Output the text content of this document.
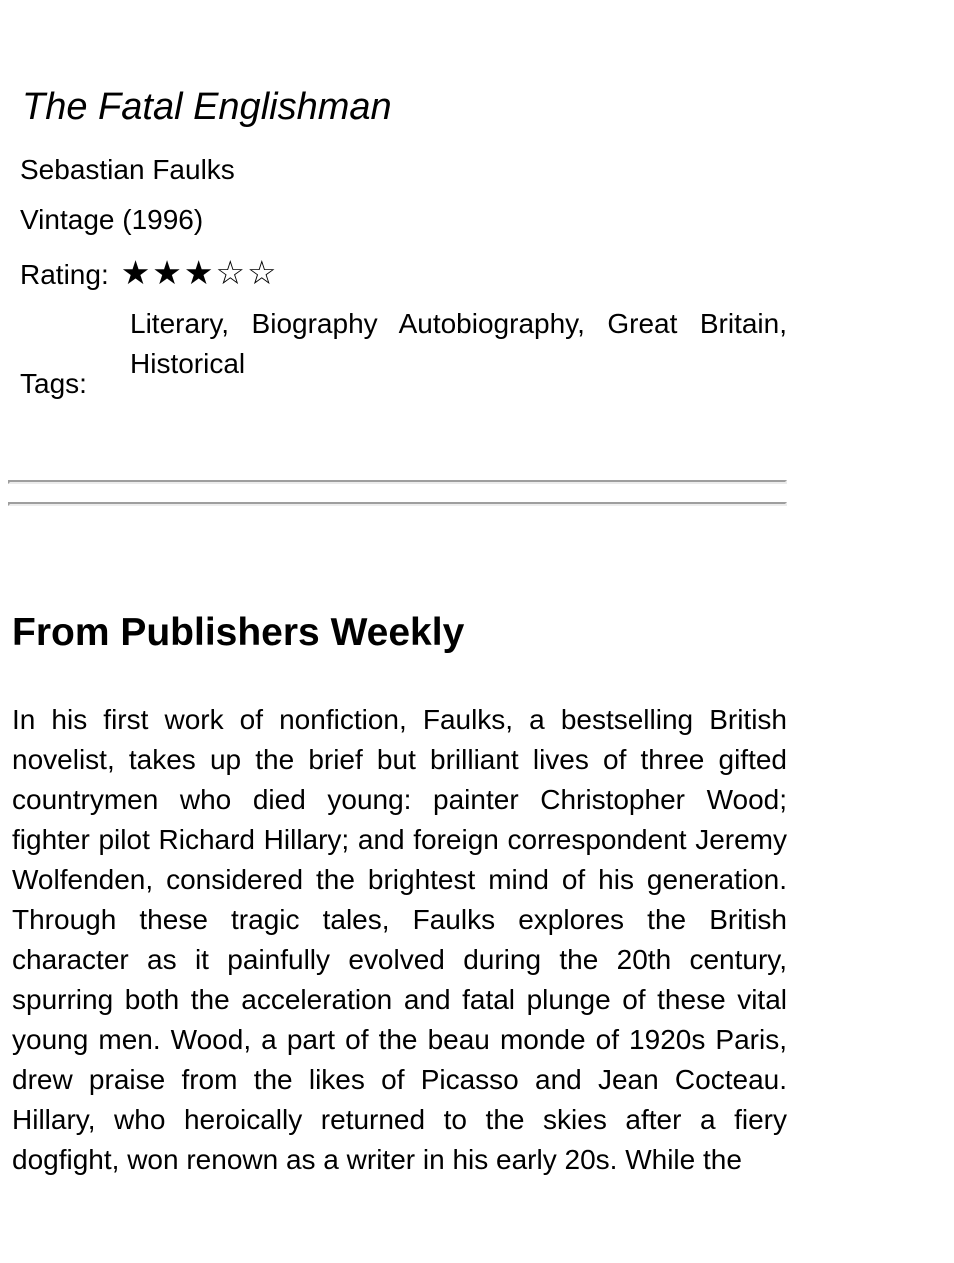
The Fatal Englishman
Sebastian Faulks
Vintage (1996)
Rating: ★★★☆☆
Tags:
Literary, Biography Autobiography, Great Britain, Historical
From Publishers Weekly

In his first work of nonfiction, Faulks, a bestselling British novelist, takes up the brief but brilliant lives of three gifted countrymen who died young: painter Christopher Wood; fighter pilot Richard Hillary; and foreign correspondent Jeremy Wolfenden, considered the brightest mind of his generation. Through these tragic tales, Faulks explores the British character as it painfully evolved during the 20th century, spurring both the acceleration and fatal plunge of these vital young men. Wood, a part of the beau monde of 1920s Paris, drew praise from the likes of Picasso and Jean Cocteau. Hillary, who heroically returned to the skies after a fiery dogfight, won renown as a writer in his early 20s. While the
